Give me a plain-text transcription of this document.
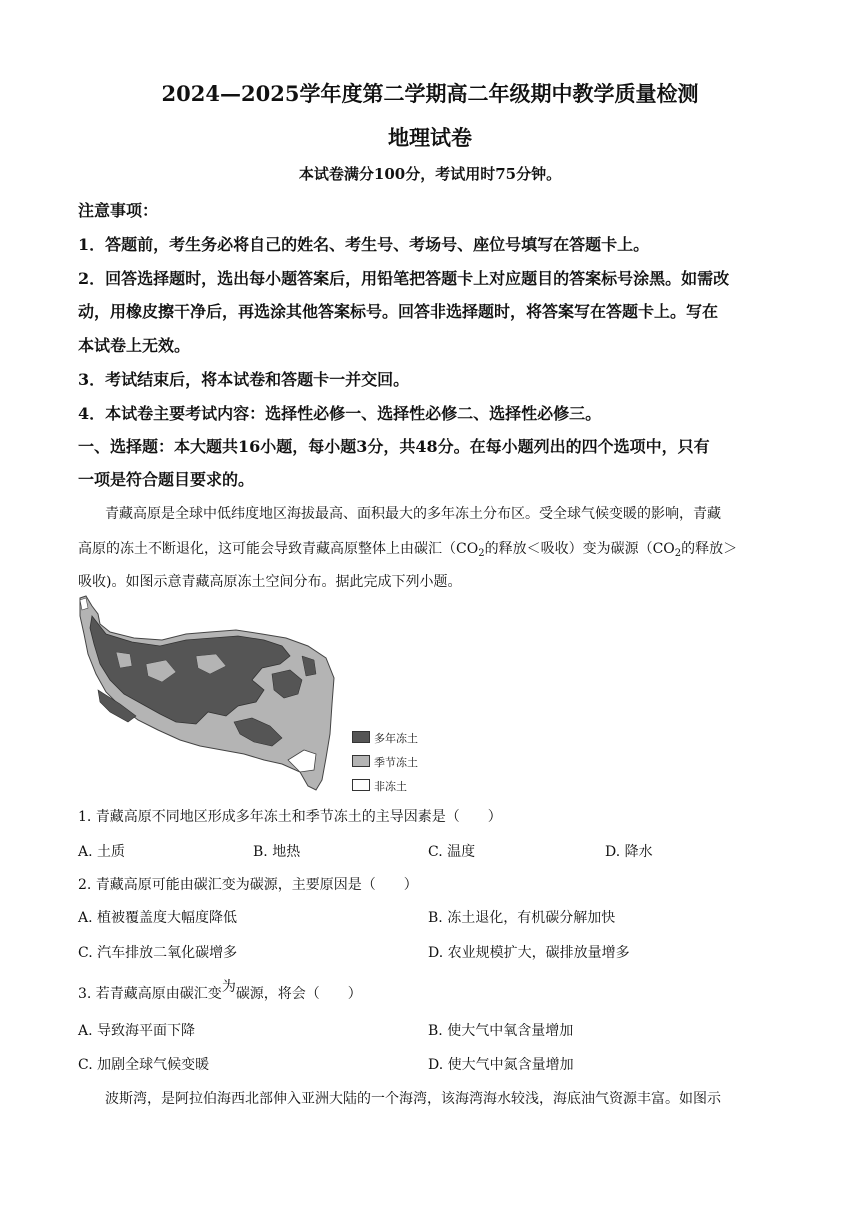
2024—2025学年度第二学期高二年级期中教学质量检测
地理试卷
本试卷满分100分，考试用时75分钟。
注意事项：
1．答题前，考生务必将自己的姓名、考生号、考场号、座位号填写在答题卡上。
2．回答选择题时，选出每小题答案后，用铅笔把答题卡上对应题目的答案标号涂黑。如需改
动，用橡皮擦干净后，再选涂其他答案标号。回答非选择题时，将答案写在答题卡上。写在
本试卷上无效。
3．考试结束后，将本试卷和答题卡一并交回。
4．本试卷主要考试内容：选择性必修一、选择性必修二、选择性必修三。
一、选择题：本大题共16小题，每小题3分，共48分。在每小题列出的四个选项中，只有
一项是符合题目要求的。
青藏高原是全球中低纬度地区海拔最高、面积最大的多年冻土分布区。受全球气候变暖的影响，青藏
高原的冻土不断退化，这可能会导致青藏高原整体上由碳汇（$CO_2$的释放＜吸收）变为碳源（$CO_2$的释放＞
吸收)。如图示意青藏高原冻土空间分布。据此完成下列小题。
多年冻土
季节冻土
非冻土
1. 青藏高原不同地区形成多年冻土和季节冻土的主导因素是（　　）
A. 土质	B. 地热	C. 温度	D. 降水
2. 青藏高原可能由碳汇变为碳源，主要原因是（　　）
A. 植被覆盖度大幅度降低	B. 冻土退化，有机碳分解加快
C. 汽车排放二氧化碳增多	D. 农业规模扩大，碳排放量增多
3. 若青藏高原由碳汇变为碳源，将会（　　）
A. 导致海平面下降	B. 使大气中氧含量增加
C. 加剧全球气候变暖	D. 使大气中氮含量增加
波斯湾，是阿拉伯海西北部伸入亚洲大陆的一个海湾，该海湾海水较浅，海底油气资源丰富。如图示
